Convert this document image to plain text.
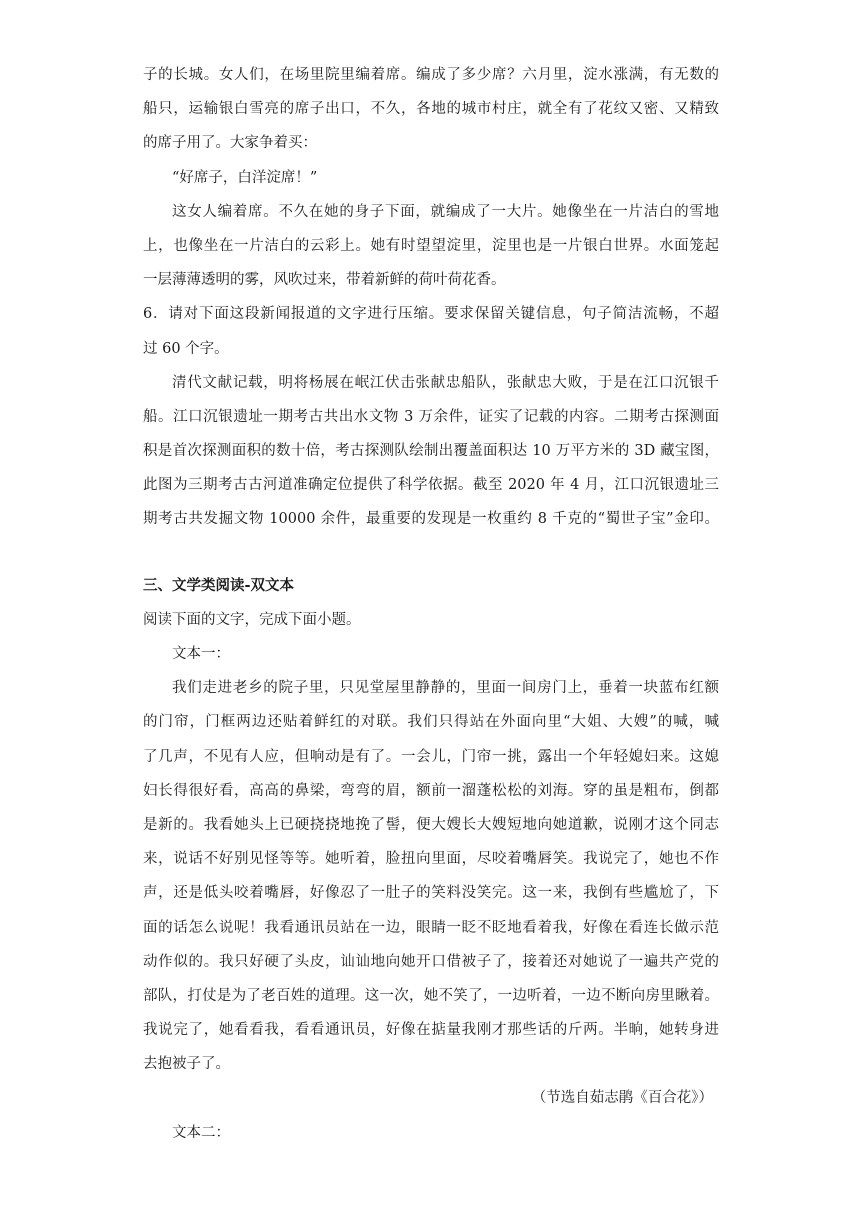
子的长城。女人们，在场里院里编着席。编成了多少席？六月里，淀水涨满，有无数的
船只，运输银白雪亮的席子出口，不久，各地的城市村庄，就全有了花纹又密、又精致
的席子用了。大家争着买：
“好席子，白洋淀席！”
这女人编着席。不久在她的身子下面，就编成了一大片。她像坐在一片洁白的雪地
上，也像坐在一片洁白的云彩上。她有时望望淀里，淀里也是一片银白世界。水面笼起
一层薄薄透明的雾，风吹过来，带着新鲜的荷叶荷花香。
6．请对下面这段新闻报道的文字进行压缩。要求保留关键信息，句子简洁流畅，不超
过 60 个字。
清代文献记载，明将杨展在岷江伏击张献忠船队，张献忠大败，于是在江口沉银千
船。江口沉银遗址一期考古共出水文物 3 万余件，证实了记载的内容。二期考古探测面
积是首次探测面积的数十倍，考古探测队绘制出覆盖面积达 10 万平方米的 3D 藏宝图，
此图为三期考古古河道准确定位提供了科学依据。截至 2020 年 4 月，江口沉银遗址三
期考古共发掘文物 10000 余件，最重要的发现是一枚重约 8 千克的“蜀世子宝”金印。
三、文学类阅读-双文本
阅读下面的文字，完成下面小题。
文本一：
我们走进老乡的院子里，只见堂屋里静静的，里面一间房门上，垂着一块蓝布红额
的门帘，门框两边还贴着鲜红的对联。我们只得站在外面向里“大姐、大嫂”的喊，喊
了几声，不见有人应，但响动是有了。一会儿，门帘一挑，露出一个年轻媳妇来。这媳
妇长得很好看，高高的鼻梁，弯弯的眉，额前一溜蓬松松的刘海。穿的虽是粗布，倒都
是新的。我看她头上已硬挠挠地挽了髻，便大嫂长大嫂短地向她道歉，说刚才这个同志
来，说话不好别见怪等等。她听着，脸扭向里面，尽咬着嘴唇笑。我说完了，她也不作
声，还是低头咬着嘴唇，好像忍了一肚子的笑料没笑完。这一来，我倒有些尴尬了，下
面的话怎么说呢！我看通讯员站在一边，眼睛一眨不眨地看着我，好像在看连长做示范
动作似的。我只好硬了头皮，讪讪地向她开口借被子了，接着还对她说了一遍共产党的
部队，打仗是为了老百姓的道理。这一次，她不笑了，一边听着，一边不断向房里瞅着。
我说完了，她看看我，看看通讯员，好像在掂量我刚才那些话的斤两。半晌，她转身进
去抱被子了。
（节选自茹志鹃《百合花》）
文本二：
